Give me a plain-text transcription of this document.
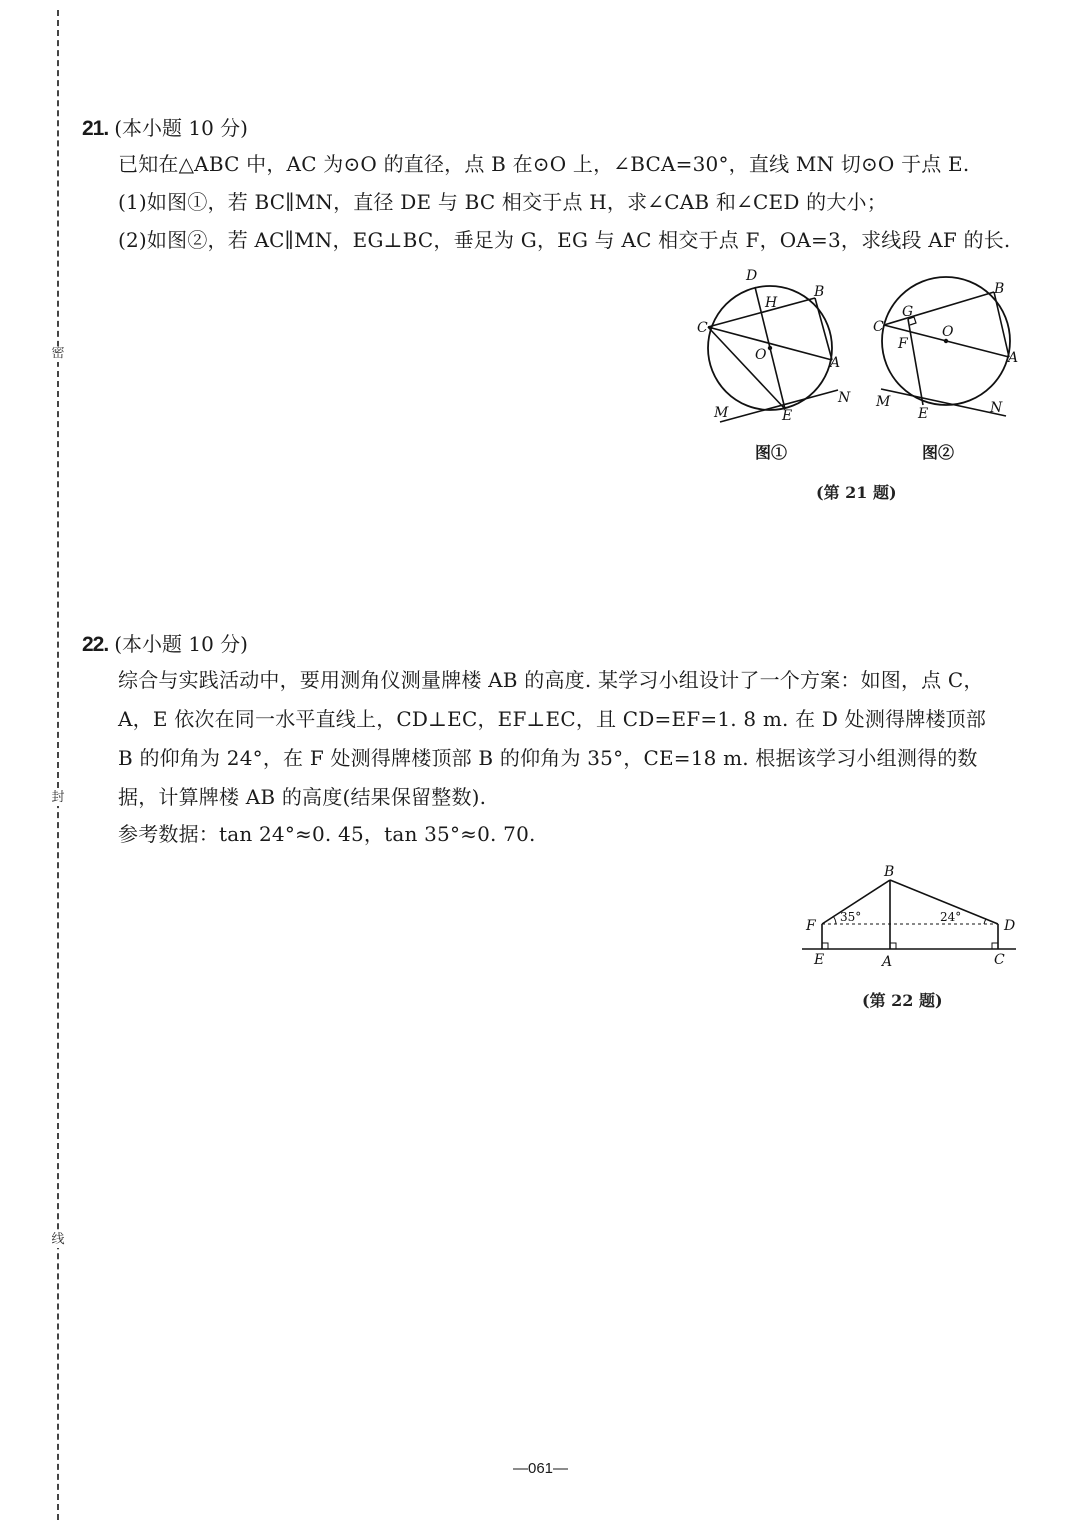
密
封
线
21. (本小题 10 分)
已知在△ABC 中，AC 为⊙O 的直径，点 B 在⊙O 上，∠BCA=30°，直线 MN 切⊙O 于点 E.
(1)如图①，若 BC∥MN，直径 DE 与 BC 相交于点 H，求∠CAB 和∠CED 的大小；
(2)如图②，若 AC∥MN，EG⊥BC，垂足为 G，EG 与 AC 相交于点 F，OA=3，求线段 AF 的长.
D
H
B
C
O	A
M	E
N
图①
B
G
C	O
F
A
M
E	N
图②
(第 21 题)
22. (本小题 10 分)
综合与实践活动中，要用测角仪测量牌楼 AB 的高度. 某学习小组设计了一个方案：如图，点 C，
A，E 依次在同一水平直线上，CD⊥EC，EF⊥EC，且 CD=EF=1. 8 m. 在 D 处测得牌楼顶部
B 的仰角为 24°，在 F 处测得牌楼顶部 B 的仰角为 35°，CE=18 m. 根据该学习小组测得的数
据，计算牌楼 AB 的高度(结果保留整数).
参考数据：tan 24°≈0. 45，tan 35°≈0. 70.
B
F	D
E	A	C
35°	24°
(第 22 题)
—061—
